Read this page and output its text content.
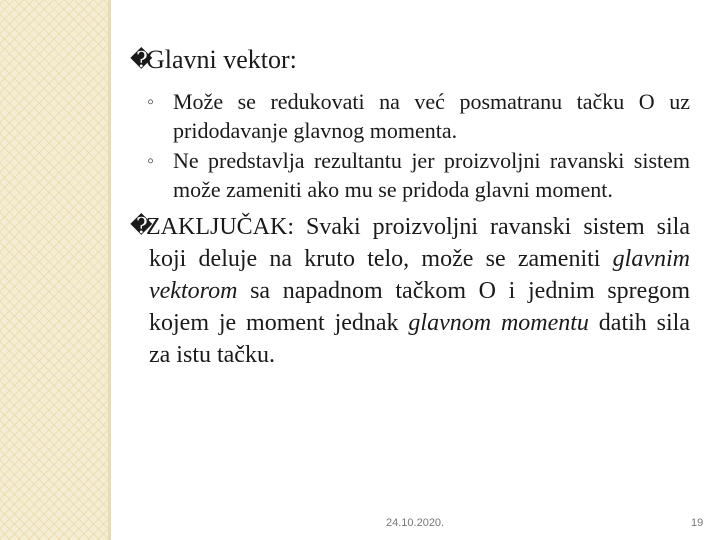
�Glavni vektor:
◦ Može se redukovati na već posmatranu tačku O uz pridodavanje glavnog momenta.
◦ Ne predstavlja rezultantu jer proizvoljni ravanski sistem može zameniti ako mu se pridoda glavni moment.
�ZAKLJUČAK: Svaki proizvoljni ravanski sistem sila koji deluje na kruto telo, može se zameniti glavnim vektorom sa napadnom tačkom O i jednim spregom kojem je moment jednak glavnom momentu datih sila za istu tačku.
24.10.2020.	19
